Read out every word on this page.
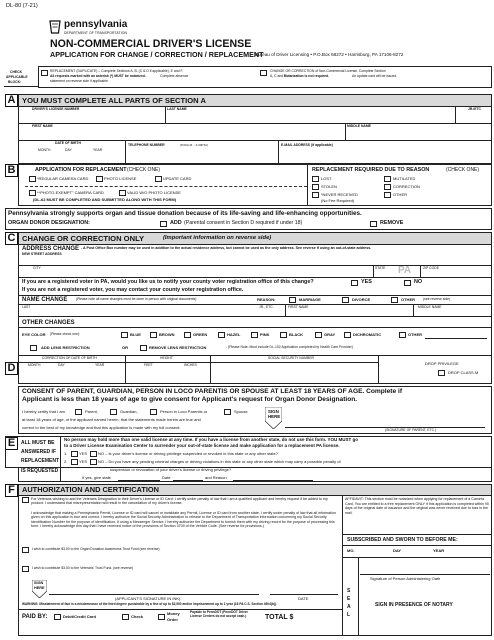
DL-80 (7-21)
pennsylvania
DEPARTMENT OF TRANSPORTATION
NON-COMMERCIAL DRIVER'S LICENSE
APPLICATION FOR CHANGE / CORRECTION / REPLACEMENT
Bureau of Driver Licensing • P.O.Box 68272 • Harrisburg, PA 17106-8272
CHECK
APPLICABLE
BLOCK:
REPLACEMENT (DUPLICATE) – Complete Sections A, B, (C & D if applicable), E and F.
All requests marked with an asterisk (*) MUST be notarized.	Complete absence
statement on reverse side if applicable.
CHANGE OR CORRECTION of Non-Commercial License. Complete Section
A, C and F.
Notarization is not required.	An update card will be issued.
A YOU MUST COMPLETE ALL PARTS OF SECTION A
DRIVER'S LICENSE NUMBER	LAST NAME	JR./ETC
FIRST NAME	MIDDLE NAME
DATE OF BIRTH
MONTH	DAY	YEAR
TELEPHONE NUMBER	(8:00A.M. - 4:30P.M.)	E-MAIL ADDRESS (if applicable)
B	APPLICATION FOR REPLACEMENT (CHECK ONE)
*REGULAR CAMERA CARD	PHOTO LICENSE	UPDATE CARD
**PHOTO-EXEMPT" CAMERA CARD	VALID W/O PHOTO LICENSE
(DL-62 MUST BE COMPLETED AND SUBMITTED ALONG WITH THIS FORM)
REPLACEMENT REQUIRED DUE TO REASON	(CHECK ONE)
LOST	MUTILATED
STOLEN	CORRECTION
*NEVER RECEIVED
(No Fee Required)
OTHER
Pennsylvania strongly supports organ and tissue donation because of its life-saving and life-enhancing opportunities.
ORGAN DONOR DESIGNATION:	ADD (Parental consent in Section D required if under 18)	REMOVE
C CHANGE OR CORRECTION ONLY	(Important information on reverse side)
ADDRESS CHANGE - A Post Office Box number may be used in addition to the actual residence address, but cannot be used as the only address. See reverse if using an out-of-state address.
NEW STREET ADDRESS
CITY	STATE PA	ZIP CODE
If you are a registered voter in PA, would you like us to notify your county voter registration office of this change?	YES	NO
If you are not a registered voter, you may contact your county voter registration office.
NAME CHANGE	(Please note all name changes must be done in person with original documents)	REASON:	MARRIAGE	DIVORCE	OTHER (see reverse side)
LAST	JR., ETC.	FIRST NAME	MIDDLE NAME
OTHER CHANGES
EYE COLOR (Please check one):	BLUE	BROWN	GREEN	HAZEL	PINK	BLACK	GRAY	DICHROMATIC	OTHER
ADD LENS RESTRICTION	OR	REMOVE LENS RESTRICTION	- (Please Note: Must include DL-102 Application completed by Health Care Provider)
CORRECTION OF DATE OF BIRTH	HEIGHT	SOCIAL SECURITY NUMBER
MONTH	DAY	YEAR	FEET	INCHES	DROP PRIVILEGE
DROP CLASS M
D
CONSENT OF PARENT, GUARDIAN, PERSON IN LOCO PARENTIS OR SPOUSE AT LEAST 18 YEARS OF AGE. Complete if
Applicant is less than 18 years of age to give consent for Applicant's request for Organ Donor Designation.
I hereby certify that I am	Parent,	Guardian,	Person in Loco Parentis or	Spouse
at least 18 years of age, of the applicant named herein, that the statements made herein are true and
correct to the best of my knowledge and that this application is made with my full consent.
SIGN
HERE
(SIGNATURE OF PARENT, ETC.)
E	ALL MUST BE
ANSWERED IF
REPLACEMENT
No person may hold more than one valid license at any time. If you have a license from another state, do not use this form. YOU MUST go
to a Driver License Examination Center to surrender your out-of-state license and make application for a replacement PA license.
1.	YES	NO – Is your driver's license or driving privilege suspended or revoked in this state or any other state?
2.	YES	NO – Do you have any pending criminal charges or driving violations in this state or any other state which may carry a possible penalty of
IS REQUESTED	suspension or revocation of your driver's license or driving privilege?
If yes, give state	Date	and Reason
F AUTHORIZATION AND CERTIFICATION
For Veterans wishing to add the Veterans Designation to their Driver's License or ID Card: I certify under penalty of law that I am a qualified applicant and hereby request it be added to my product. I understand that misrepresentation will result in the cancellation of my driver's license.
I acknowledge that making a Pennsylvania Permit, License or ID card will cancel or invalidate any Permit, License or ID card from another state. I certify under penalty of law that all information given on this application is true and correct. I hereby authorize the Social Security Administration to release to the Department of Transportation information concerning my Social Security Identification Number for the purpose of identification. If using a Messenger Service, I hereby authorize the Department to furnish them with my driving record for the purpose of processing this form. I hereby acknowledge this day that I have received notice of the provisions of Section 3709 of the Vehicle Code. (See reverse for provisions.)
I wish to contribute $3.00 to the Organ Donation Awareness Trust Fund (see reverse).
I wish to contribute $3.00 to the Veterans' Trust Fund. (see reverse)
SIGN
HERE
(APPLICANT'S SIGNATURE IN INK)	DATE
WARNING: Misstatement of fact is a misdemeanor of the third degree punishable by a fine of up to $2,500 and/or imprisonment up to 1 year (18 PA C.S. Section 4904(b)).
PAID BY:	Debit/Credit Card	Check
Money
Order
Payable to PennDOT (PennDOT Driver License Centers do not accept cash.)	TOTAL $
AFFIDAVIT: This section must be notarized when applying for replacement of a Camera Card. You are entitled to a free replacement ONLY if this application is completed within 90 days of the original date of issuance and the original was never received due to loss in the mail.
SUBSCRIBED AND SWORN TO BEFORE ME:
MO.	DAY	YEAR
Signature of Person Administering Oath
S
E
A
L
SIGN IN PRESENCE OF NOTARY
